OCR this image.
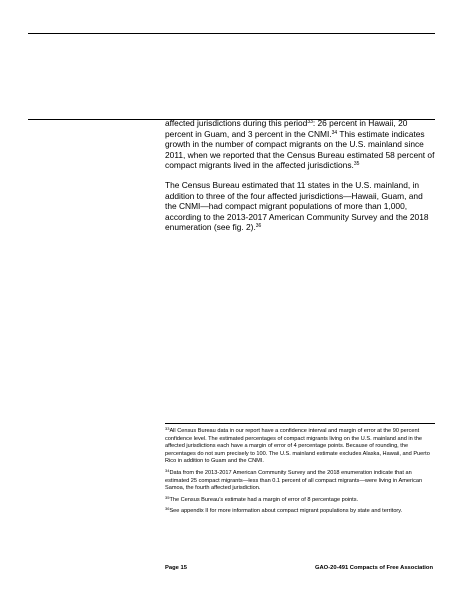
affected jurisdictions during this period$^{33}$: 26 percent in Hawaii, 20 percent in Guam, and 3 percent in the CNMI.$^{34}$ This estimate indicates growth in the number of compact migrants on the U.S. mainland since 2011, when we reported that the Census Bureau estimated 58 percent of compact migrants lived in the affected jurisdictions.$^{35}$

The Census Bureau estimated that 11 states in the U.S. mainland, in addition to three of the four affected jurisdictions—Hawaii, Guam, and the CNMI—had compact migrant populations of more than 1,000, according to the 2013-2017 American Community Survey and the 2018 enumeration (see fig. 2).$^{36}$

$^{33}$All Census Bureau data in our report have a confidence interval and margin of error at the 90 percent confidence level. The estimated percentages of compact migrants living on the U.S. mainland and in the affected jurisdictions each have a margin of error of 4 percentage points. Because of rounding, the percentages do not sum precisely to 100. The U.S. mainland estimate excludes Alaska, Hawaii, and Puerto Rico in addition to Guam and the CNMI.

$^{34}$Data from the 2013-2017 American Community Survey and the 2018 enumeration indicate that an estimated 25 compact migrants—less than 0.1 percent of all compact migrants—were living in American Samoa, the fourth affected jurisdiction.

$^{35}$The Census Bureau’s estimate had a margin of error of 8 percentage points.

$^{36}$See appendix II for more information about compact migrant populations by state and territory.

Page 15	GAO-20-491 Compacts of Free Association
